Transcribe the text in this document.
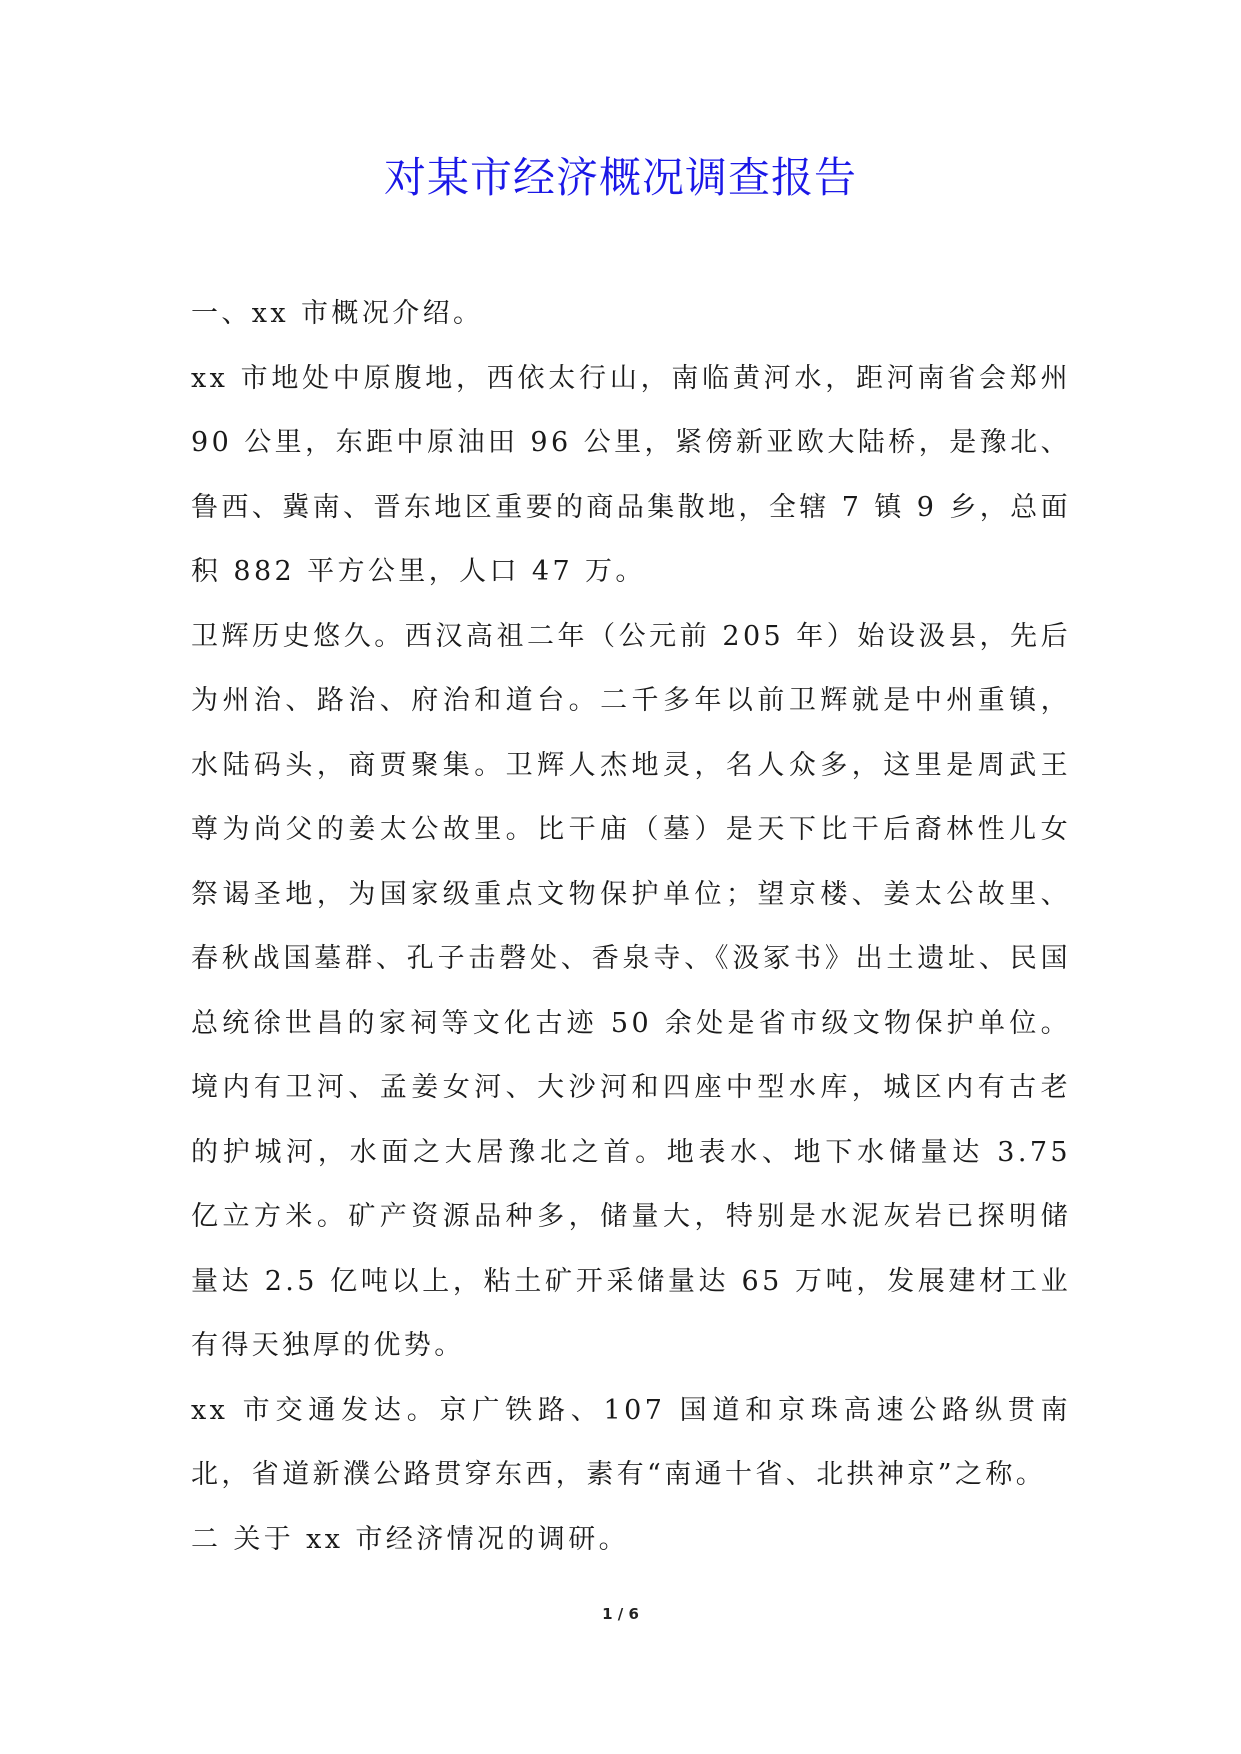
对某市经济概况调查报告

一、xx 市概况介绍。

xx 市地处中原腹地，西依太行山，南临黄河水，距河南省会郑州 90 公里，东距中原油田 96 公里，紧傍新亚欧大陆桥，是豫北、鲁西、冀南、晋东地区重要的商品集散地，全辖 7 镇 9 乡，总面积 882 平方公里，人口 47 万。

卫辉历史悠久。西汉高祖二年（公元前 205 年）始设汲县，先后为州治、路治、府治和道台。二千多年以前卫辉就是中州重镇，水陆码头，商贾聚集。卫辉人杰地灵，名人众多，这里是周武王尊为尚父的姜太公故里。比干庙（墓）是天下比干后裔林性儿女祭谒圣地，为国家级重点文物保护单位；望京楼、姜太公故里、春秋战国墓群、孔子击磬处、香泉寺、《汲冢书》出土遗址、民国总统徐世昌的家祠等文化古迹 50 余处是省市级文物保护单位。境内有卫河、孟姜女河、大沙河和四座中型水库，城区内有古老的护城河，水面之大居豫北之首。地表水、地下水储量达 3.75 亿立方米。矿产资源品种多，储量大，特别是水泥灰岩已探明储量达 2.5 亿吨以上，粘土矿开采储量达 65 万吨，发展建材工业有得天独厚的优势。

xx 市交通发达。京广铁路、107 国道和京珠高速公路纵贯南北，省道新濮公路贯穿东西，素有“南通十省、北拱神京”之称。

二 关于 xx 市经济情况的调研。

1 / 6
